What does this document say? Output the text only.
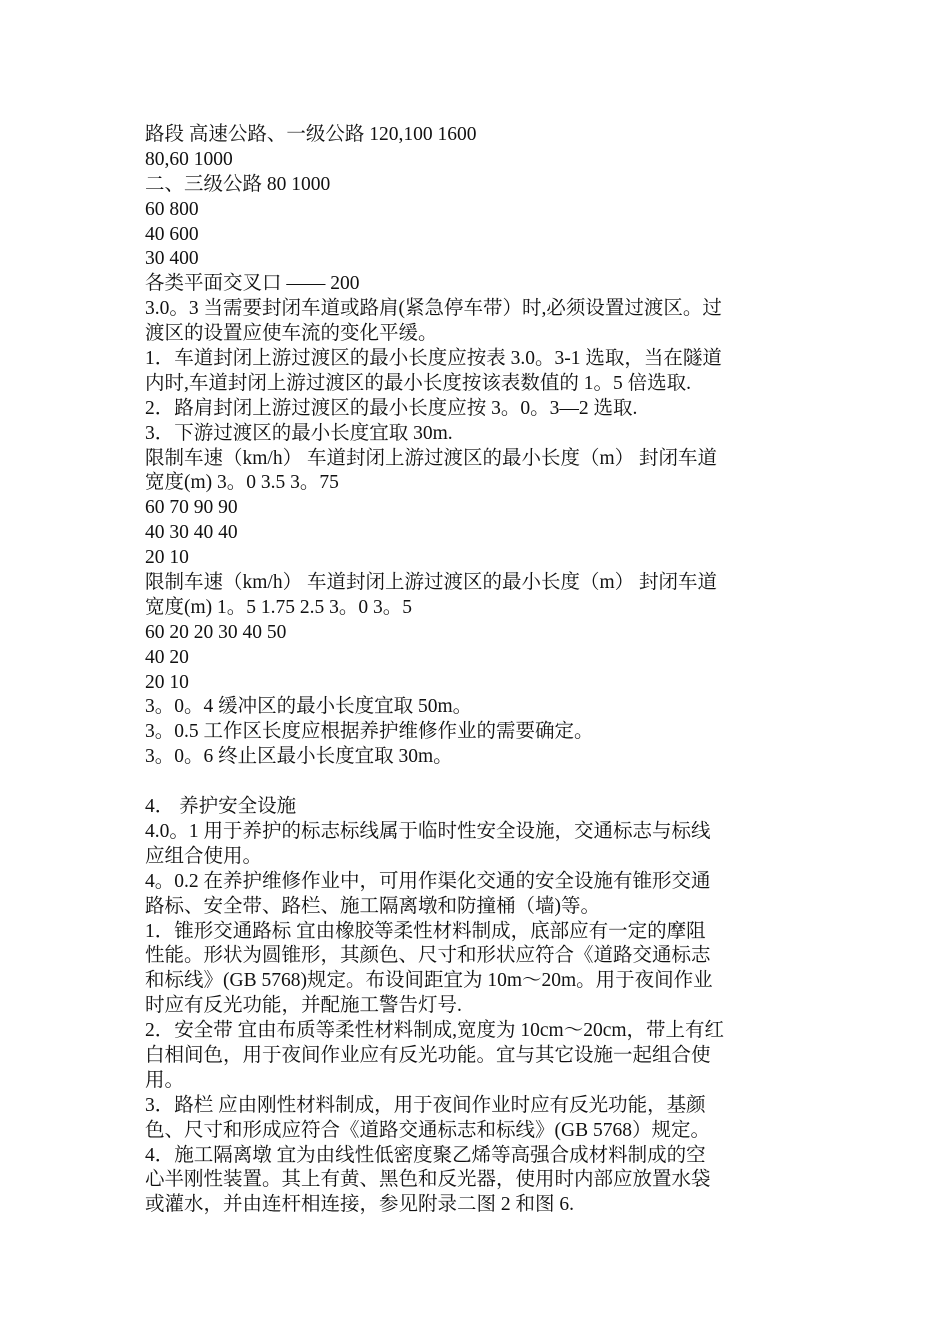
路段 高速公路、一级公路 120,100 1600
80,60 1000
二、三级公路 80 1000
60 800
40 600
30 400
各类平面交叉口 —— 200
3.0。3 当需要封闭车道或路肩(紧急停车带）时,必须设置过渡区。过
渡区的设置应使车流的变化平缓。
1．车道封闭上游过渡区的最小长度应按表 3.0。3-1 选取，当在隧道
内时,车道封闭上游过渡区的最小长度按该表数值的 1。5 倍选取.
2．路肩封闭上游过渡区的最小长度应按 3。0。3—2 选取.
3．下游过渡区的最小长度宜取 30m.
限制车速（km/h） 车道封闭上游过渡区的最小长度（m） 封闭车道
宽度(m) 3。0 3.5 3。75
60 70 90 90
40 30 40 40
20 10
限制车速（km/h） 车道封闭上游过渡区的最小长度（m） 封闭车道
宽度(m) 1。5 1.75 2.5 3。0 3。5
60 20 20 30 40 50
40 20
20 10
3。0。4 缓冲区的最小长度宜取 50m。
3。0.5 工作区长度应根据养护维修作业的需要确定。
3。0。6 终止区最小长度宜取 30m。
4． 养护安全设施
4.0。1 用于养护的标志标线属于临时性安全设施，交通标志与标线
应组合使用。
4。0.2 在养护维修作业中，可用作渠化交通的安全设施有锥形交通
路标、安全带、路栏、施工隔离墩和防撞桶（墙)等。
1．锥形交通路标 宜由橡胶等柔性材料制成，底部应有一定的摩阻
性能。形状为圆锥形，其颜色、尺寸和形状应符合《道路交通标志
和标线》(GB 5768)规定。布设间距宜为 10m～20m。用于夜间作业
时应有反光功能，并配施工警告灯号.
2．安全带 宜由布质等柔性材料制成,宽度为 10cm～20cm，带上有红
白相间色，用于夜间作业应有反光功能。宜与其它设施一起组合使
用。
3．路栏 应由刚性材料制成，用于夜间作业时应有反光功能，基颜
色、尺寸和形成应符合《道路交通标志和标线》(GB 5768）规定。
4．施工隔离墩 宜为由线性低密度聚乙烯等高强合成材料制成的空
心半刚性装置。其上有黄、黑色和反光器，使用时内部应放置水袋
或灌水，并由连杆相连接，参见附录二图 2 和图 6.
